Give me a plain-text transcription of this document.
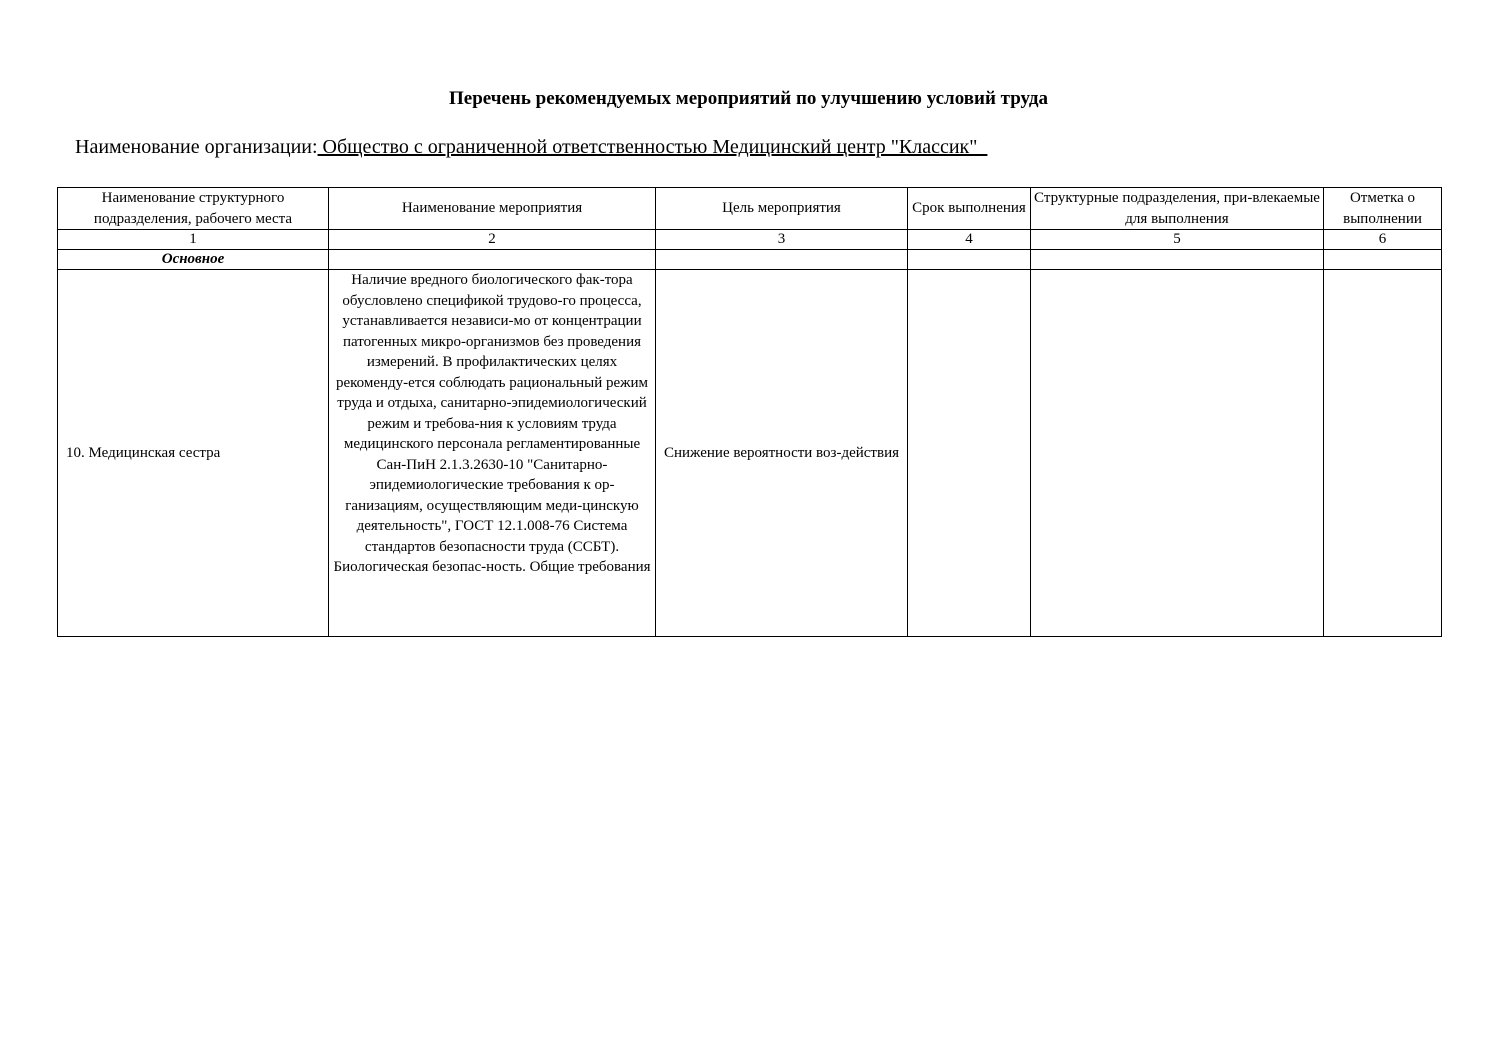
Перечень рекомендуемых мероприятий по улучшению условий труда
Наименование организации: Общество с ограниченной ответственностью Медицинский центр "Классик"
Наименование структурного подразделения, рабочего места	Наименование мероприятия	Цель мероприятия	Срок выполнения	Структурные подразделения, при-влекаемые для выполнения	Отметка о выполнении
1	2	3	4	5	6
Основное					
10. Медицинская сестра	Наличие вредного биологического фак-тора обусловлено спецификой трудово-го процесса, устанавливается независи-мо от концентрации патогенных микро-организмов без проведения измерений. В профилактических целях рекоменду-ется соблюдать рациональный режим труда и отдыха, санитарно-эпидемиологический режим и требова-ния к условиям труда медицинского персонала регламентированные Сан-ПиН 2.1.3.2630-10 "Санитарно-эпидемиологические требования к ор-ганизациям, осуществляющим меди-цинскую деятельность", ГОСТ 12.1.008-76 Система стандартов безопасности труда (ССБТ). Биологическая безопас-ность. Общие требования	Снижение вероятности воз-действия			
